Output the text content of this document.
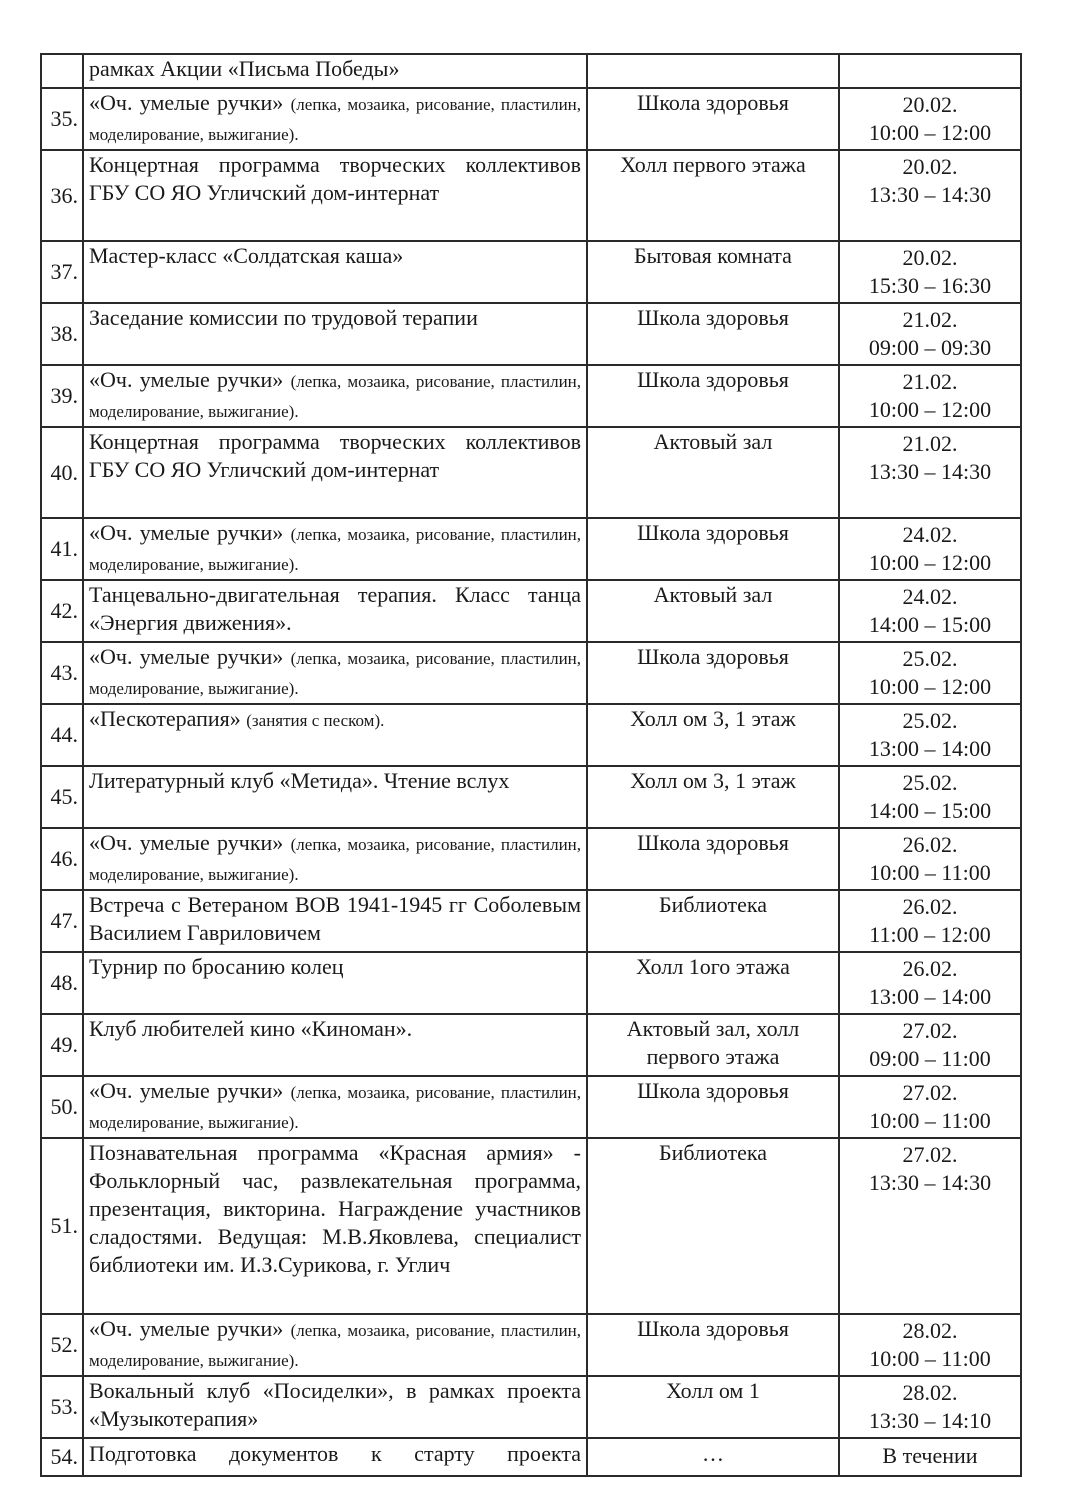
	рамках Акции «Письма Победы»		

35.	«Оч. умелые ручки» (лепка, мозаика, рисование, пластилин, моделирование, выжигание).	Школа здоровья	20.02.
10:00 – 12:00

36.	Концертная программа творческих коллективов ГБУ СО ЯО Угличский дом-интернат	Холл первого этажа	20.02.
13:30 – 14:30

37.	Мастер-класс «Солдатская каша»	Бытовая комната	20.02.
15:30 – 16:30

38.	Заседание комиссии по трудовой терапии	Школа здоровья	21.02.
09:00 – 09:30

39.	«Оч. умелые ручки» (лепка, мозаика, рисование, пластилин, моделирование, выжигание).	Школа здоровья	21.02.
10:00 – 12:00

40.	Концертная программа творческих коллективов ГБУ СО ЯО Угличский дом-интернат	Актовый зал	21.02.
13:30 – 14:30

41.	«Оч. умелые ручки» (лепка, мозаика, рисование, пластилин, моделирование, выжигание).	Школа здоровья	24.02.
10:00 – 12:00

42.	Танцевально-двигательная терапия. Класс танца «Энергия движения».	Актовый зал	24.02.
14:00 – 15:00

43.	«Оч. умелые ручки» (лепка, мозаика, рисование, пластилин, моделирование, выжигание).	Школа здоровья	25.02.
10:00 – 12:00

44.	«Пескотерапия» (занятия с песком).	Холл ом 3, 1 этаж	25.02.
13:00 – 14:00

45.	Литературный клуб «Метида». Чтение вслух	Холл ом 3, 1 этаж	25.02.
14:00 – 15:00

46.	«Оч. умелые ручки» (лепка, мозаика, рисование, пластилин, моделирование, выжигание).	Школа здоровья	26.02.
10:00 – 11:00

47.	Встреча с Ветераном ВОВ 1941-1945 гг Соболевым Василием Гавриловичем	Библиотека	26.02.
11:00 – 12:00

48.	Турнир по бросанию колец	Холл 1ого этажа	26.02.
13:00 – 14:00

49.	Клуб любителей кино «Киноман».	Актовый зал, холл первого этажа	27.02.
09:00 – 11:00

50.	«Оч. умелые ручки» (лепка, мозаика, рисование, пластилин, моделирование, выжигание).	Школа здоровья	27.02.
10:00 – 11:00

51.	Познавательная программа «Красная армия» - Фольклорный час, развлекательная программа, презентация, викторина. Награждение участников сладостями. Ведущая: М.В.Яковлева, специалист библиотеки им. И.З.Сурикова, г. Углич	Библиотека	27.02.
13:30 – 14:30

52.	«Оч. умелые ручки» (лепка, мозаика, рисование, пластилин, моделирование, выжигание).	Школа здоровья	28.02.
10:00 – 11:00

53.	Вокальный клуб «Посиделки», в рамках проекта «Музыкотерапия»	Холл ом 1	28.02.
13:30 – 14:10

54.	Подготовка документов к старту проекта	…	В течении
